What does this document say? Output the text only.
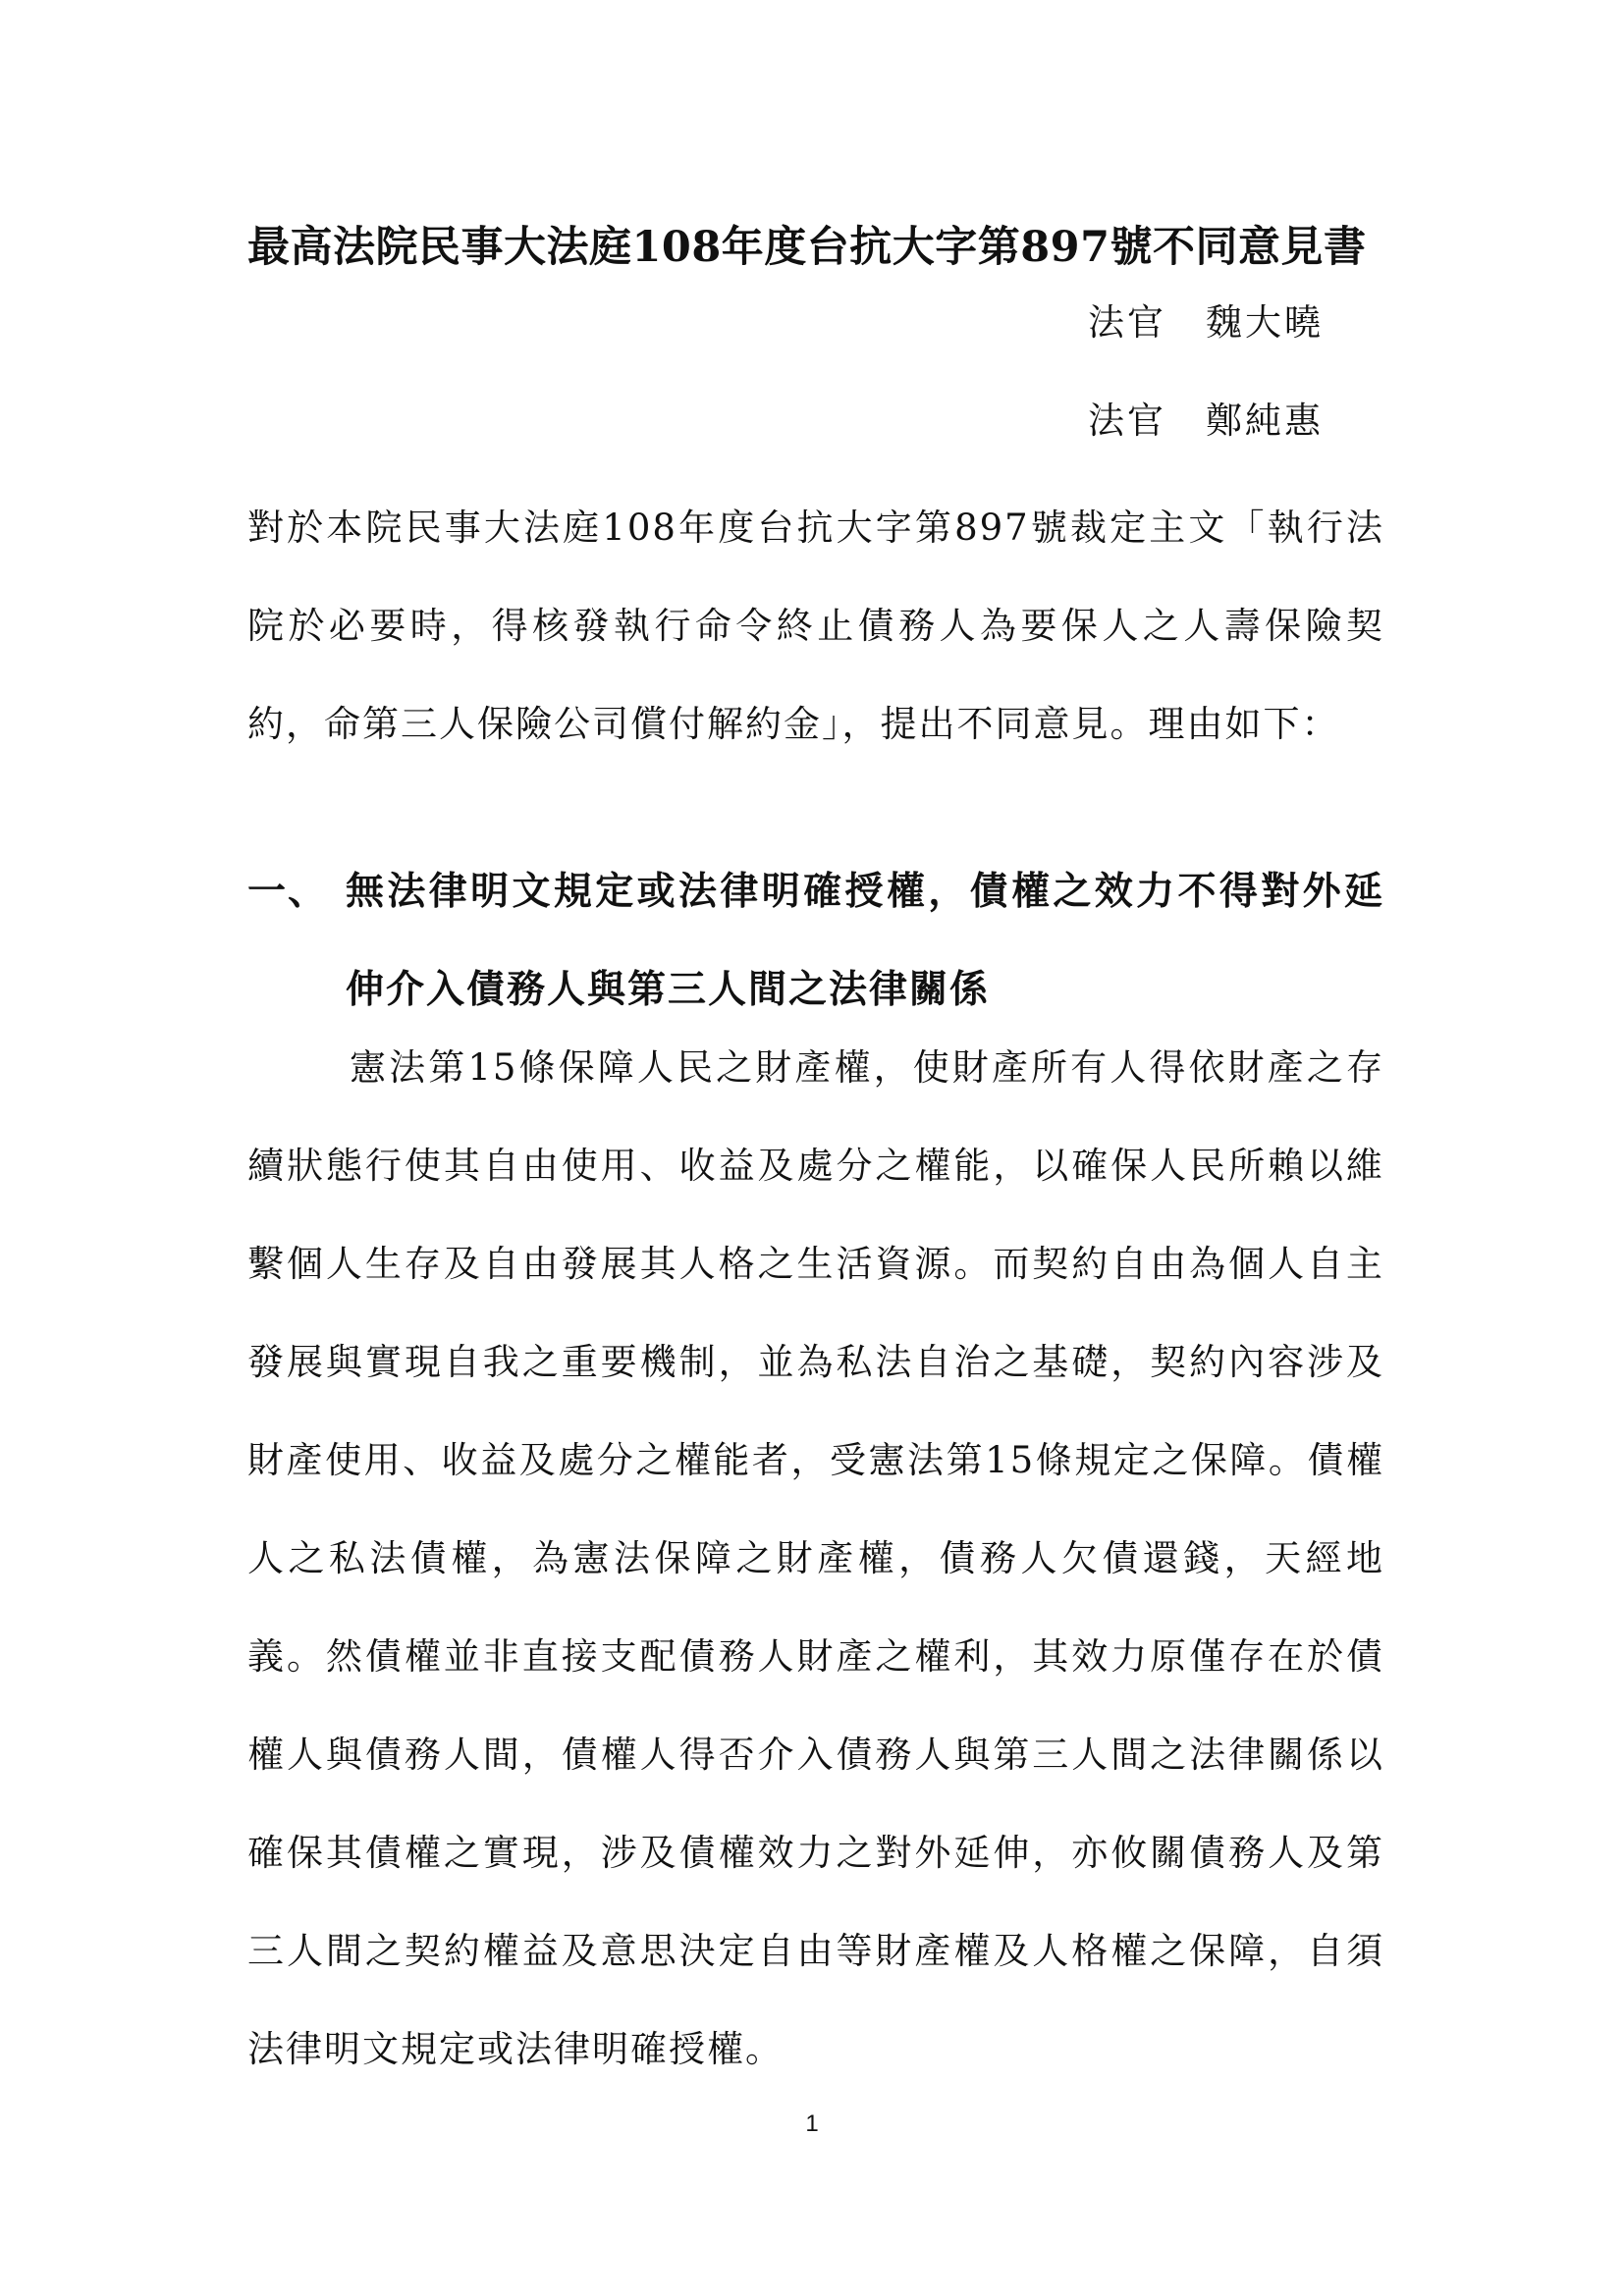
最高法院民事大法庭108年度台抗大字第897號不同意見書
法官 魏大曉
法官 鄭純惠

對於本院民事大法庭108年度台抗大字第897號裁定主文「執行法院於必要時，得核發執行命令終止債務人為要保人之人壽保險契約，命第三人保險公司償付解約金」，提出不同意見。理由如下：

一、 無法律明文規定或法律明確授權，債權之效力不得對外延伸介入債務人與第三人間之法律關係

憲法第15條保障人民之財產權，使財產所有人得依財產之存續狀態行使其自由使用、收益及處分之權能，以確保人民所賴以維繫個人生存及自由發展其人格之生活資源。而契約自由為個人自主發展與實現自我之重要機制，並為私法自治之基礎，契約內容涉及財產使用、收益及處分之權能者，受憲法第15條規定之保障。債權人之私法債權，為憲法保障之財產權，債務人欠債還錢，天經地義。然債權並非直接支配債務人財產之權利，其效力原僅存在於債權人與債務人間，債權人得否介入債務人與第三人間之法律關係以確保其債權之實現，涉及債權效力之對外延伸，亦攸關債務人及第三人間之契約權益及意思決定自由等財產權及人格權之保障，自須法律明文規定或法律明確授權。

1
